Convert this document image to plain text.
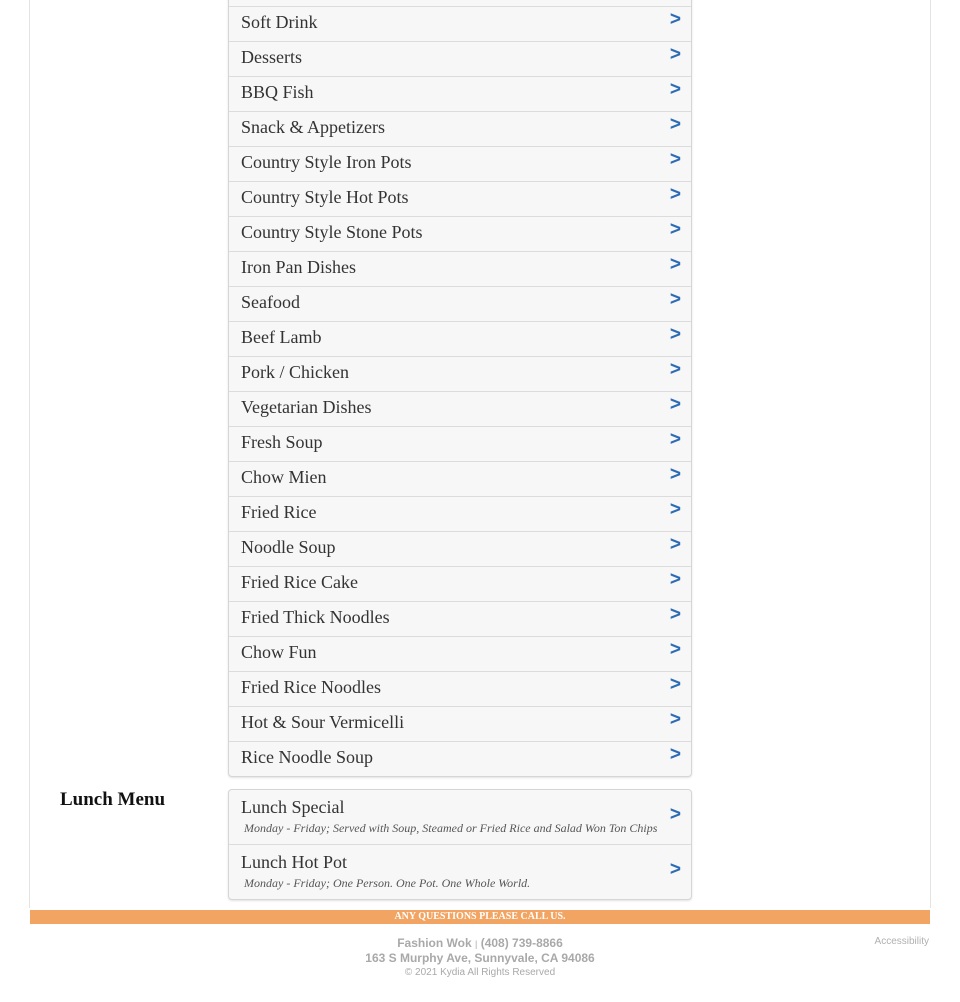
Soft Drink	>
Desserts	>
BBQ Fish	>
Snack & Appetizers	>
Country Style Iron Pots	>
Country Style Hot Pots	>
Country Style Stone Pots	>
Iron Pan Dishes	>
Seafood	>
Beef Lamb	>
Pork / Chicken	>
Vegetarian Dishes	>
Fresh Soup	>
Chow Mien	>
Fried Rice	>
Noodle Soup	>
Fried Rice Cake	>
Fried Thick Noodles	>
Chow Fun	>
Fried Rice Noodles	>
Hot & Sour Vermicelli	>
Rice Noodle Soup	>
Lunch Menu	Lunch Special
Monday - Friday; Served with Soup, Steamed or Fried Rice and Salad Won Ton Chips
>
Lunch Hot Pot
Monday - Friday; One Person. One Pot. One Whole World.
>
ANY QUESTIONS PLEASE CALL US.
Fashion Wok | (408) 739-8866
163 S Murphy Ave, Sunnyvale, CA 94086
© 2021 Kydia All Rights Reserved
Accessibility
